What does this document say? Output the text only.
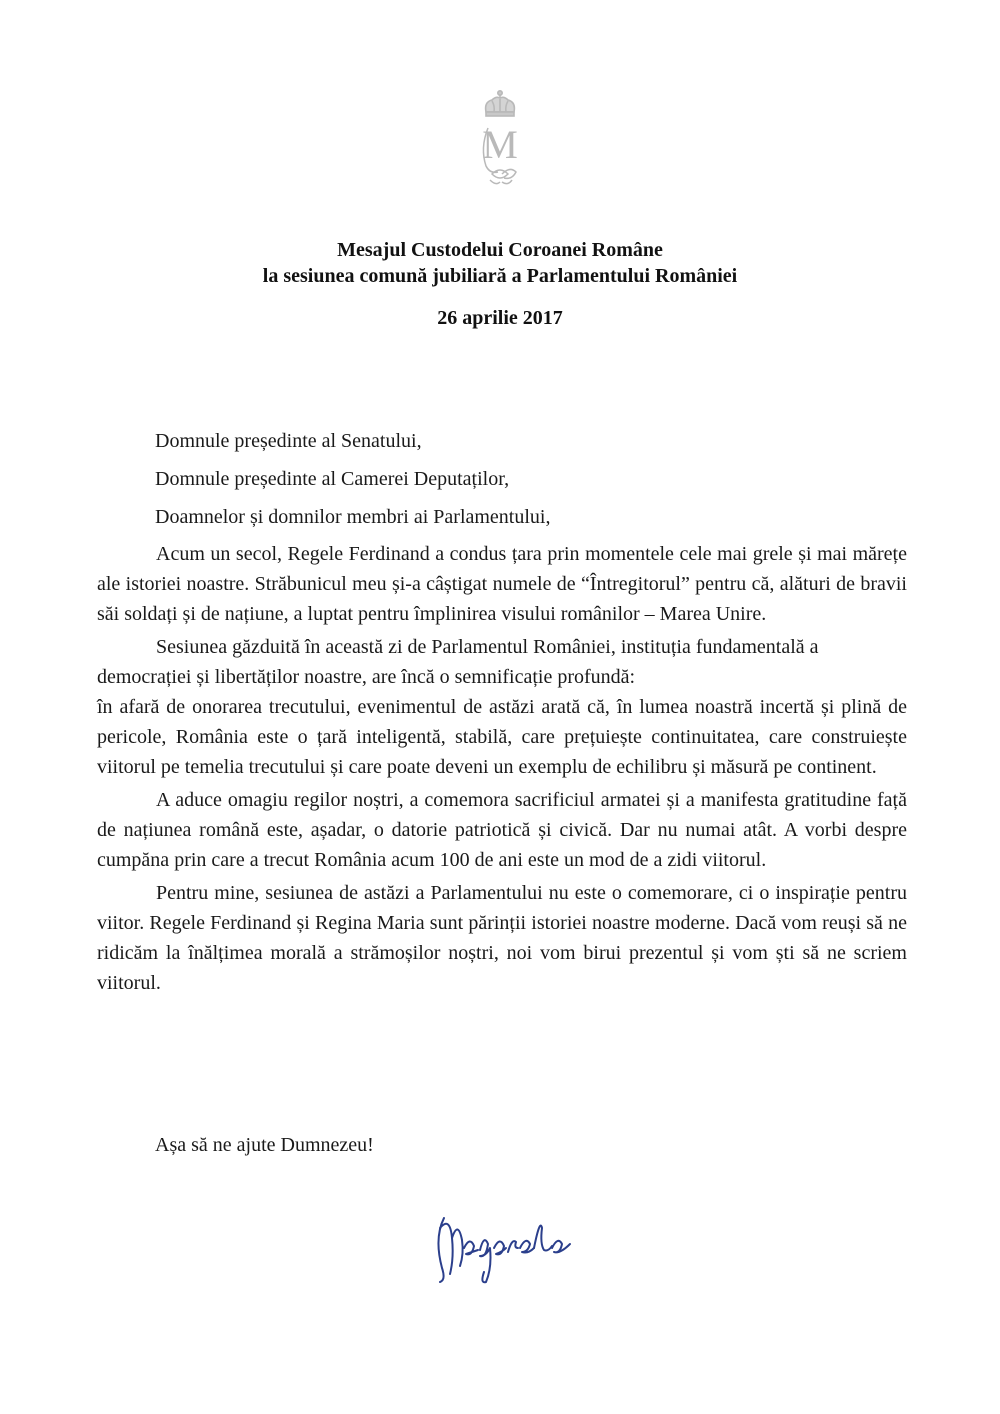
M
Mesajul Custodelui Coroanei Române
la sesiunea comună jubiliară a Parlamentului României
26 aprilie 2017

Domnule președinte al Senatului,

Domnule președinte al Camerei Deputaților,

Doamnelor și domnilor membri ai Parlamentului,

Acum un secol, Regele Ferdinand a condus țara prin momentele cele mai grele și mai mărețe ale istoriei noastre. Străbunicul meu și-a câștigat numele de “Întregitorul” pentru că, alături de bravii săi soldați și de națiune, a luptat pentru împlinirea visului românilor – Marea Unire.

Sesiunea găzduită în această zi de Parlamentul României, instituția fundamentală a democrației și libertăților noastre, are încă o semnificație profundă:

în afară de onorarea trecutului, evenimentul de astăzi arată că, în lumea noastră incertă și plină de pericole, România este o țară inteligentă, stabilă, care prețuiește continuitatea, care construiește viitorul pe temelia trecutului și care poate deveni un exemplu de echilibru și măsură pe continent.

A aduce omagiu regilor noștri, a comemora sacrificiul armatei și a manifesta gratitudine față de națiunea română este, așadar, o datorie patriotică și civică. Dar nu numai atât. A vorbi despre cumpăna prin care a trecut România acum 100 de ani este un mod de a zidi viitorul.

Pentru mine, sesiunea de astăzi a Parlamentului nu este o comemorare, ci o inspirație pentru viitor. Regele Ferdinand și Regina Maria sunt părinții istoriei noastre moderne. Dacă vom reuși să ne ridicăm la înălțimea morală a strămoșilor noștri, noi vom birui prezentul și vom ști să ne scriem viitorul.

Așa să ne ajute Dumnezeu!
